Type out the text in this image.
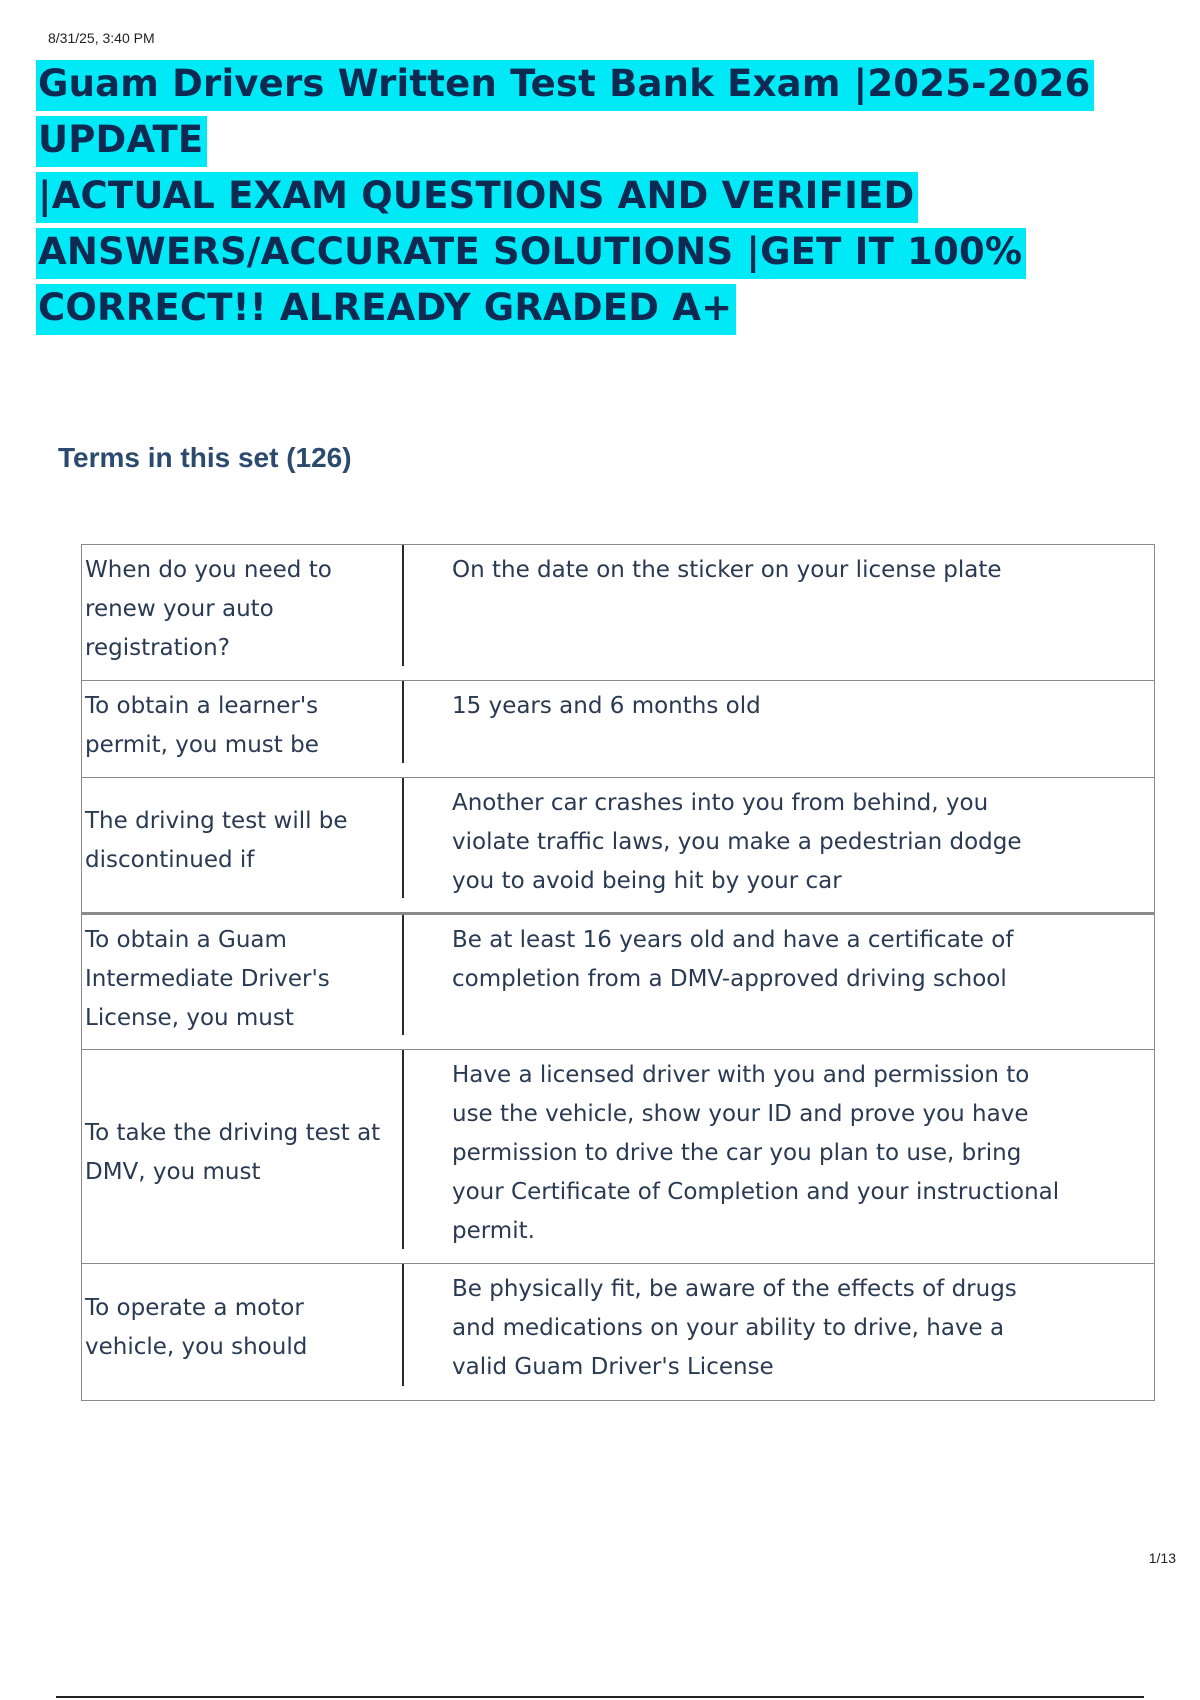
8/31/25, 3:40 PM
Guam Drivers Written Test Bank Exam |2025-2026 UPDATE
|ACTUAL EXAM QUESTIONS AND VERIFIED
ANSWERS/ACCURATE SOLUTIONS |GET IT 100%
CORRECT!! ALREADY GRADED A+
Terms in this set (126)
When do you need to renew your auto registration?
On the date on the sticker on your license plate
To obtain a learner's permit, you must be
15 years and 6 months old
The driving test will be discontinued if
Another car crashes into you from behind, you violate traffic laws, you make a pedestrian dodge you to avoid being hit by your car
To obtain a Guam Intermediate Driver's License, you must
Be at least 16 years old and have a certificate of completion from a DMV-approved driving school
To take the driving test at DMV, you must
Have a licensed driver with you and permission to use the vehicle, show your ID and prove you have permission to drive the car you plan to use, bring your Certificate of Completion and your instructional permit.
To operate a motor vehicle, you should
Be physically fit, be aware of the effects of drugs and medications on your ability to drive, have a valid Guam Driver's License
1/13
